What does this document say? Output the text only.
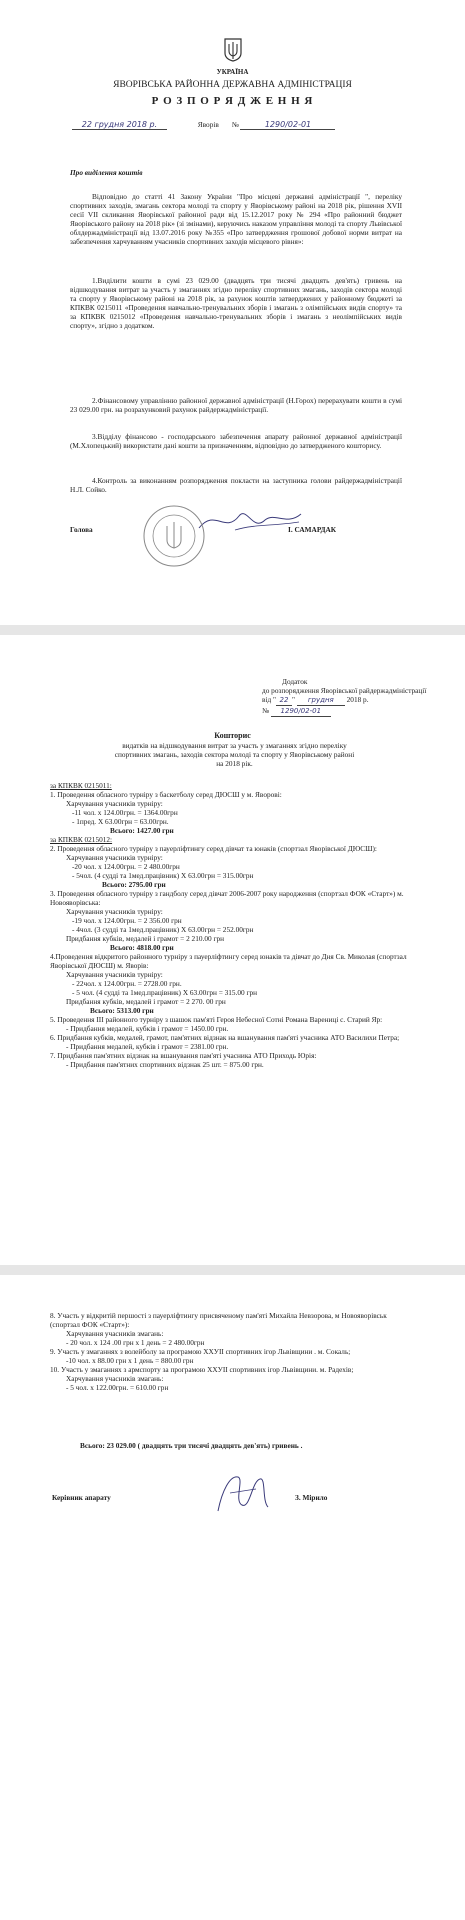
УКРАЇНА

ЯВОРІВСЬКА РАЙОННА ДЕРЖАВНА АДМІНІСТРАЦІЯ

Р О З П О Р Я Д Ж Е Н Н Я

22 грудня 2018 р.	Яворів №	1290/02-01

Про виділення коштів

Відповідно до статті 41 Закону України "Про місцеві державні адміністрації ", переліку спортивних заходів, змагань сектора молоді та спорту у Яворівському районі на 2018 рік, рішення XVII сесії VII скликання Яворівської районної ради від 15.12.2017 року № 294 «Про районний бюджет Яворівського району на 2018 рік» (зі змінами), керуючись наказом управління молоді та спорту Львівської облдержадміністрації від 13.07.2016 року №355 «Про затвердження грошової добової норми витрат на забезпечення харчуванням учасників спортивних заходів місцевого рівня»:

1.Виділити кошти в сумі 23 029.00 (двадцять три тисячі двадцять дев'ять) гривень на відшкодування витрат за участь у змаганнях згідно переліку спортивних змагань, заходів сектора молоді та спорту у Яворівському районі на 2018 рік, за рахунок коштів затверджених у районному бюджеті за КПКВК 0215011 «Проведення навчально-тренувальних зборів і змагань з олімпійських видів спорту» та за КПКВК 0215012 «Проведення навчально-тренувальних зборів і змагань з неолімпійських видів спорту», згідно з додатком.

2.Фінансовому управлінню районної державної адміністрації (Н.Горох) перерахувати кошти в сумі 23 029.00 грн. на розрахунковий рахунок райдержадміністрації.

3.Відділу фінансово - господарського забезпечення апарату районної державної адміністрації (М.Хлопецький) використати дані кошти за призначенням, відповідно до затвердженого кошторису.

4.Контроль за виконанням розпорядження покласти на заступника голови райдержадміністрації Н.Л. Сойко.

Голова	І. САМАРДАК

Додаток

до розпорядження Яворівської райдержадміністрації

від " 22 " грудня 2018 р.

№ 1290/02-01

Кошторис

видатків на відшкодування витрат за участь у змаганнях згідно переліку спортивних змагань, заходів сектора молоді та спорту у Яворівському районі на 2018 рік.

за КПКВК 0215011:

1. Проведення обласного турніру з баскетболу серед ДЮСШ у м. Яворові:

Харчування учасників турніру:

-11 чол. х 124.00грн. = 1364.00грн

- 1пред. Х 63.00грн = 63.00грн.

Всього: 1427.00 грн

за КПКВК 0215012:

2. Проведення обласного турніру з пауерліфтингу серед дівчат та юнаків (спортзал Яворівської ДЮСШ):

Харчування учасників турніру:

-20 чол. х 124.00грн. = 2 480.00грн

- 5чол. (4 судді та 1мед.працівник) Х 63.00грн = 315.00грн

Всього: 2795.00 грн

3. Проведення обласного турніру з гандболу серед дівчат 2006-2007 року народження (спортзал ФОК «Старт») м. Новояворівська:

Харчування учасників турніру:

-19 чол. х 124.00грн. = 2 356.00 грн

- 4чол. (3 судді та 1мед.працівник) Х 63.00грн = 252.00грн

Придбання кубків, медалей і грамот = 2 210.00 грн

Всього: 4818.00 грн

4.Проведення відкритого районного турніру з пауерліфтингу серед юнаків та дівчат до Дня Св. Миколая (спортзал Яворівської ДЮСШ) м. Яворів:

Харчування учасників турніру:

- 22чол. х 124.00грн. = 2728.00 грн.

- 5 чол. (4 судді та 1мед.працівник) Х 63.00грн = 315.00 грн

Придбання кубків, медалей і грамот = 2 270. 00 грн

Всього: 5313.00 грн

5. Проведення ІІІ районного турніру з шашок пам'яті Героя Небесної Сотні Романа Варениці с. Старий Яр:

- Придбання медалей, кубків і грамот = 1450.00 грн.

6. Придбання кубків, медалей, грамот, пам'ятних відзнак на вшанування пам'яті учасника АТО Василихи Петра;

- Придбання медалей, кубків і грамот = 2381.00 грн.

7. Придбання пам'ятних відзнак на вшанування пам'яті учасника АТО Приходь Юрія:

- Придбання пам'ятних спортивних відзнак 25 шт. = 875.00 грн.

8. Участь у відкритій першості з пауерліфтингу присвяченому пам'яті Михайла Невзорова, м Новояворівськ (спортзал ФОК «Старт»):

Харчування учасників змагань:

- 20 чол. х 124 .00 грн х 1 день = 2 480.00грн

9. Участь у змаганнях з волейболу за програмою ХХУІІ спортивних ігор Львівщини . м. Сокаль;

-10 чол. х 88.00 грн х 1 день = 880.00 грн

10. Участь у змаганнях з армспорту за програмою ХХУІІ спортивних ігор Львівщини. м. Радехів;

Харчування учасників змагань:

- 5 чол. х 122.00грн. = 610.00 грн

Всього: 23 029.00 ( двадцять три тисячі двадцять дев'ять) гривень .

Керівник апарату	З. Мірило
